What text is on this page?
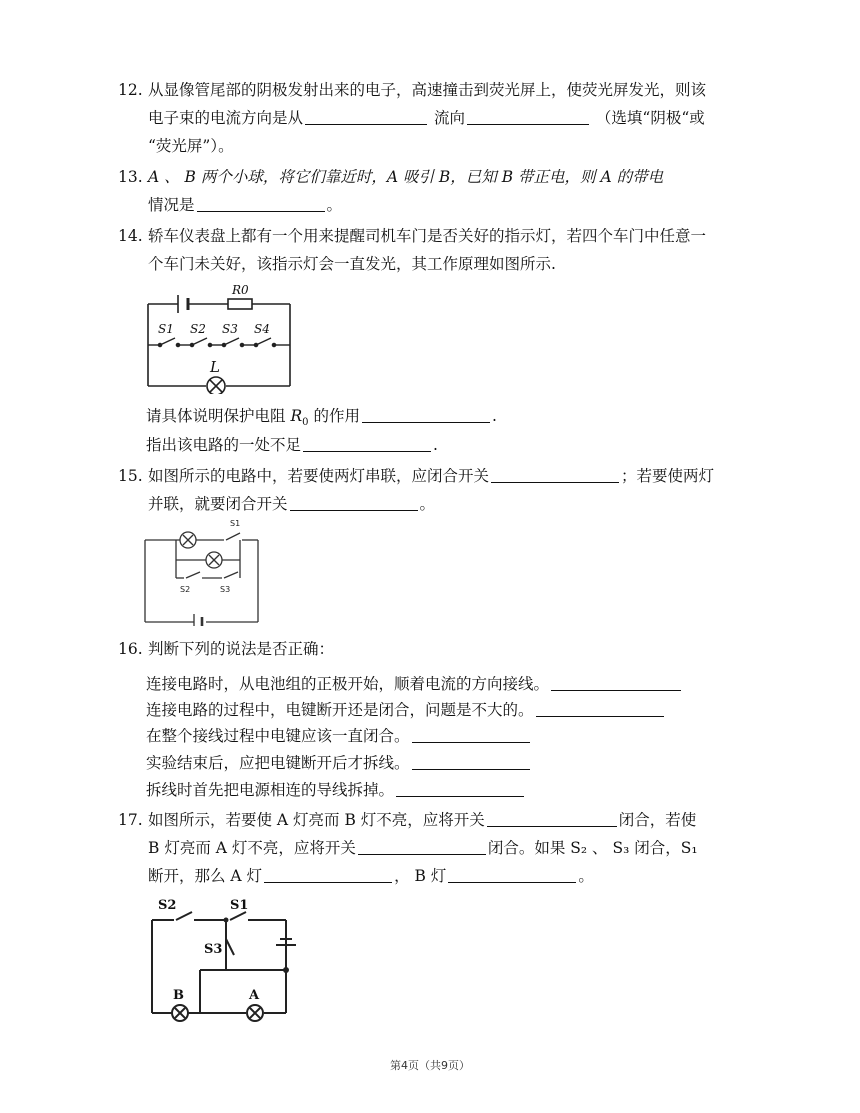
12. 从显像管尾部的阴极发射出来的电子，高速撞击到荧光屏上，使荧光屏发光，则该
电子束的电流方向是从	流向	（选填“阴极“或
“荧光屏”）。
13. A 、 B 两个小球，将它们靠近时，A 吸引 B，已知 B 带正电，则 A 的带电
情况是	。
14. 轿车仪表盘上都有一个用来提醒司机车门是否关好的指示灯，若四个车门中任意一
个车门未关好，该指示灯会一直发光，其工作原理如图所示.
R0
S1 S2 S3 S4
L
请具体说明保护电阻 $R_0$ 的作用	.
指出该电路的一处不足	.
15. 如图所示的电路中，若要使两灯串联，应闭合开关	；若要使两灯
并联，就要闭合开关	。
S1
S2	S3
16. 判断下列的说法是否正确：
连接电路时，从电池组的正极开始，顺着电流的方向接线。
连接电路的过程中，电键断开还是闭合，问题是不大的。
在整个接线过程中电键应该一直闭合。
实验结束后，应把电键断开后才拆线。
拆线时首先把电源相连的导线拆掉。
17. 如图所示，若要使 A 灯亮而 B 灯不亮，应将开关	闭合，若使
B 灯亮而 A 灯不亮，应将开关	闭合。如果 S₂ 、 S₃ 闭合，S₁
断开，那么 A 灯	， B 灯	。
S2	S1
S3
B	A
第4页（共9页）
